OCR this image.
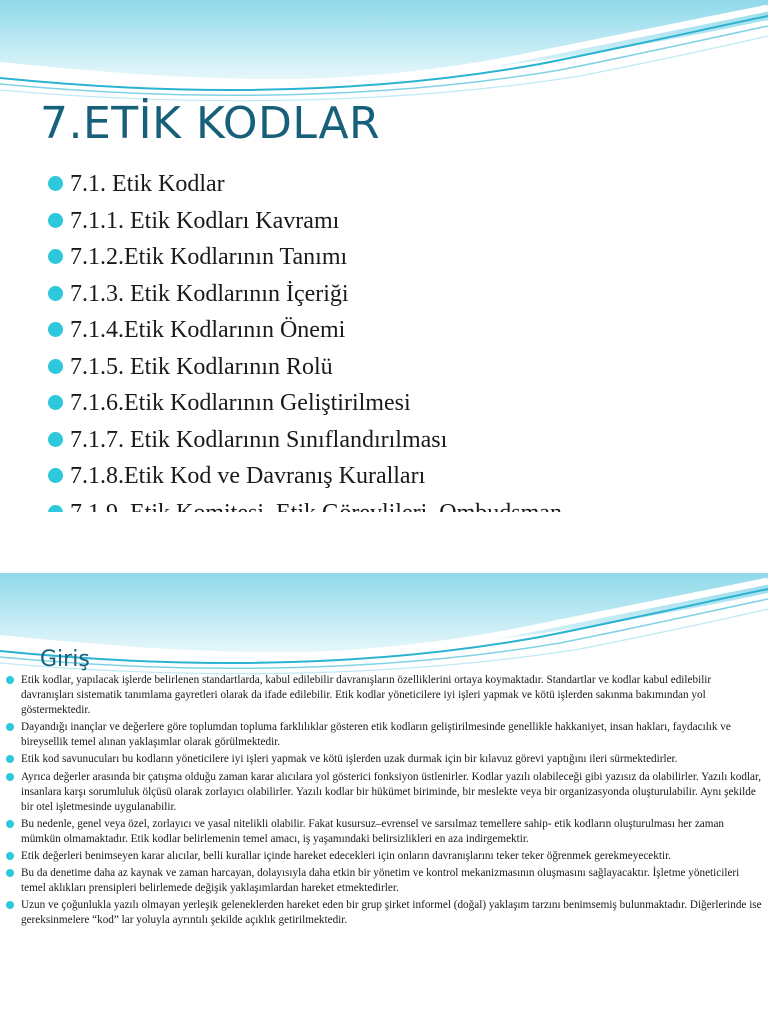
7.ETİK KODLAR
7.1. Etik Kodlar
7.1.1. Etik Kodları Kavramı
7.1.2.Etik Kodlarının Tanımı
7.1.3. Etik Kodlarının İçeriği
7.1.4.Etik Kodlarının Önemi
7.1.5. Etik Kodlarının Rolü
7.1.6.Etik Kodlarının Geliştirilmesi
7.1.7. Etik Kodlarının Sınıflandırılması
7.1.8.Etik Kod ve Davranış Kuralları
Giriş
Etik kodlar, yapılacak işlerde belirlenen standartlarda, kabul edilebilir davranışların özelliklerini ortaya koymaktadır. Standartlar ve kodlar kabul edilebilir davranışları sistematik tanımlama gayretleri olarak da ifade edilebilir. Etik kodlar yöneticilere iyi işleri yapmak ve kötü işlerden sakınma bakımından yol göstermektedir.
Dayandığı inançlar ve değerlere göre toplumdan topluma farklılıklar gösteren etik kodların geliştirilmesinde genellikle hakkaniyet, insan hakları, faydacılık ve bireysellik temel alınan yaklaşımlar olarak görülmektedir.
Etik kod savunucuları bu kodların yöneticilere iyi işleri yapmak ve kötü işlerden uzak durmak için bir kılavuz görevi yaptığını ileri sürmektedirler.
Ayrıca değerler arasında bir çatışma olduğu zaman karar alıcılara yol gösterici fonksiyon üstlenirler. Kodlar yazılı olabileceği gibi yazısız da olabilirler. Yazılı kodlar, insanlara karşı sorumluluk ölçüsü olarak zorlayıcı olabilirler. Yazılı kodlar bir hükümet biriminde, bir meslekte veya bir organizasyonda oluşturulabilir. Aynı şekilde bir otel işletmesinde uygulanabilir.
Bu nedenle, genel veya özel, zorlayıcı ve yasal nitelikli olabilir. Fakat kusursuz–evrensel ve sarsılmaz temellere sahip- etik kodların oluşturulması her zaman mümkün olmamaktadır. Etik kodlar belirlemenin temel amacı, iş yaşamındaki belirsizlikleri en aza indirgemektir.
Etik değerleri benimseyen karar alıcılar, belli kurallar içinde hareket edecekleri için onların davranışlarını teker teker öğrenmek gerekmeyecektir.
Bu da denetime daha az kaynak ve zaman harcayan, dolayısıyla daha etkin bir yönetim ve kontrol mekanizmasının oluşmasını sağlayacaktır. İşletme yöneticileri temel aklıkları prensipleri belirlemede değişik yaklaşımlardan hareket etmektedirler.
Uzun ve çoğunlukla yazılı olmayan yerleşik geleneklerden hareket eden bir grup şirket informel (doğal) yaklaşım tarzını benimsemiş bulunmaktadır. Diğerlerinde ise gereksinmelere “kod” lar yoluyla ayrıntılı şekilde açıklık getirilmektedir.
